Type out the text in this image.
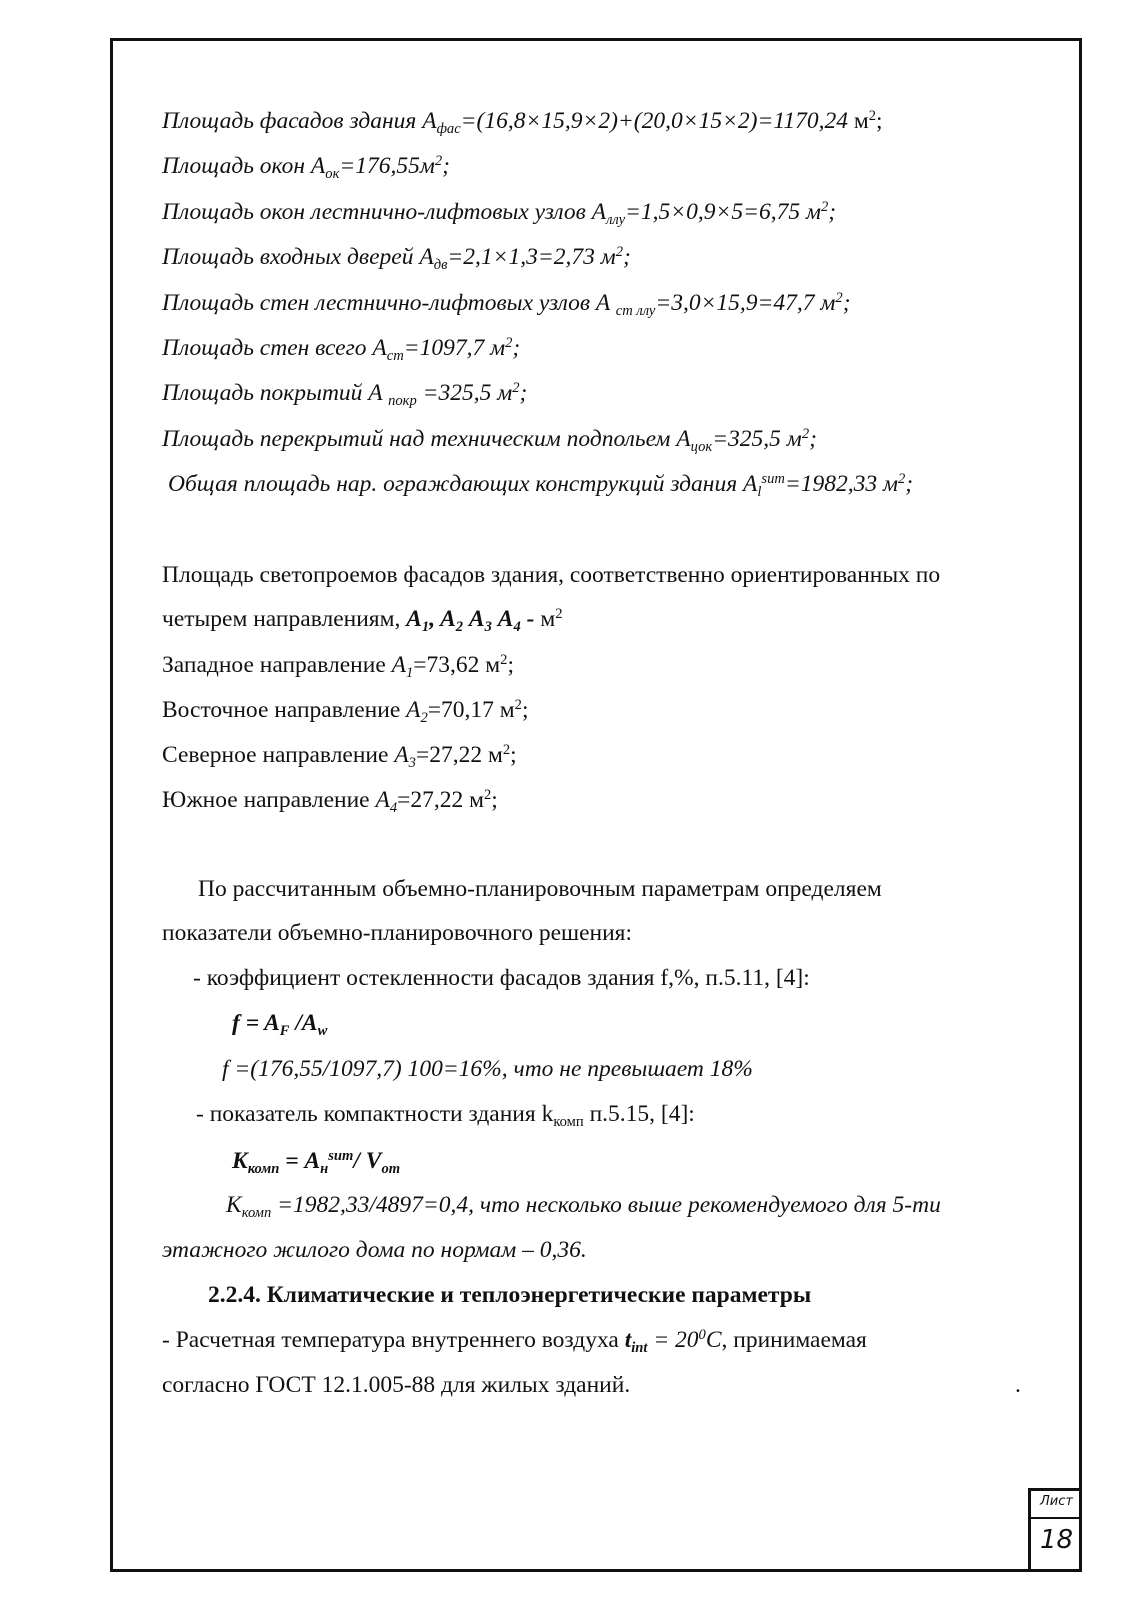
Площадь фасадов здания $A_{фас}=(16,8\times 15,9\times 2)+(20,0\times 15\times 2)=1170,24$ $м^2$;
Площадь окон $A_{ок}=176,55м^2$;
Площадь окон лестнично-лифтовых узлов $A_{ллу}=1,5\times 0,9\times 5=6,75$ $м^2$;
Площадь входных дверей $A_{дв}=2,1\times 1,3=2,73$ $м^2$;
Площадь стен лестнично-лифтовых узлов A $_{ст ллу}$=3,0×15,9=47,7 $м^2$;
Площадь стен всего $A_{ст}=1097,7$ $м^2$;
Площадь покрытий A $_{покр}$ =325,5 $м^2$;
Площадь перекрытий над техническим подпольем $A_{цок}=325,5$ $м^2$;
Общая площадь нар. ограждающих конструкций здания $A_l^{sum}=1982,33$ $м^2$;
Площадь светопроемов фасадов здания, соответственно ориентированных по
четырем направлениям, $A_1$, $A_2$ $A_3$ $A_4 - м^2$
Западное направление $A_1=73,62$ $м^2$;
Восточное направление $A_2=70,17$ $м^2$;
Северное направление $A_3=27,22$ $м^2$;
Южное направление $A_4=27,22$ $м^2$;
По рассчитанным объемно-планировочным параметрам определяем
показатели объемно-планировочного решения:
- коэффициент остекленности фасадов здания f,%, п.5.11, [4]:
$f = A_F$ $/A_w$
f =(176,55/1097,7) 100=16%, что не превышает 18%
- показатель компактности здания $k_{комп}$ п.5.15, [4]:
$K_{комп} = A_н^{sum}/$ $V_{от}$
$K_{комп} =1982,33/4897=0,4$, что несколько выше рекомендуемого для 5-ти
этажного жилого дома по нормам – 0,36.
2.2.4. Климатические и теплоэнергетические параметры
- Расчетная температура внутреннего воздуха $t_{int} = 20^0C$, принимаемая
согласно ГОСТ 12.1.005-88 для жилых зданий.	.
Лист
18
